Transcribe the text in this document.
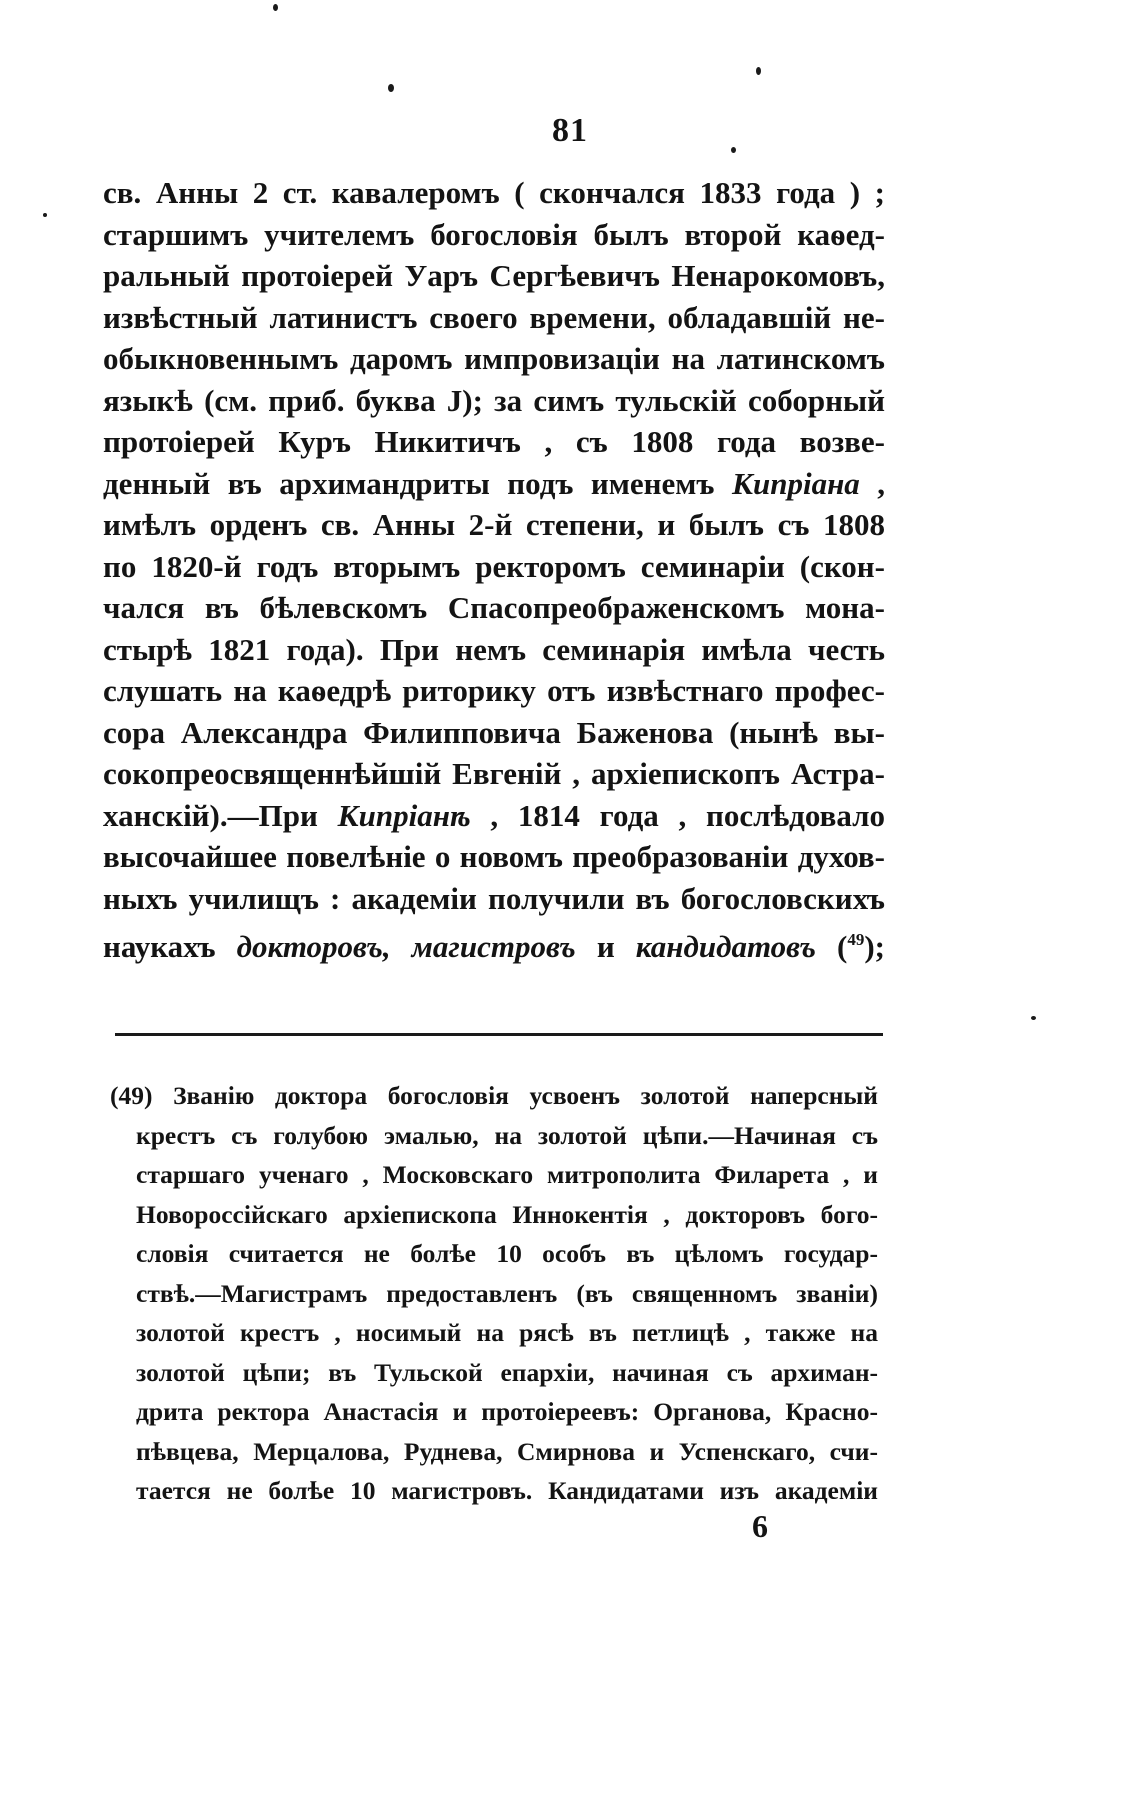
81
св. Анны 2 ст. кавалеромъ ( скончался 1833 года ) ;
старшимъ учителемъ богословія былъ второй каѳед-
ральный протоіерей Уаръ Сергѣевичъ Ненарокомовъ,
извѣстный латинистъ своего времени, обладавшій не-
обыкновеннымъ даромъ импровизаціи на латинскомъ
языкѣ (см. приб. буква J); за симъ тульскій соборный
протоіерей Куръ Никитичъ , съ 1808 года возве-
денный въ архимандриты подъ именемъ Кипріана ,
имѣлъ орденъ св. Анны 2-й степени, и былъ съ 1808
по 1820-й годъ вторымъ ректоромъ семинаріи (скон-
чался въ бѣлевскомъ Спасопреображенскомъ мона-
стырѣ 1821 года). При немъ семинарія имѣла честь
слушать на каѳедрѣ риторику отъ извѣстнаго профес-
сора Александра Филипповича Баженова (нынѣ вы-
сокопреосвященнѣйшій Евгеній , архіепископъ Астра-
ханскій).—При Кипріанѣ , 1814 года , послѣдовало
высочайшее повелѣніе о новомъ преобразованіи духов-
ныхъ училищъ : академіи получили въ богословскихъ
наукахъ докторовъ, магистровъ и кандидатовъ ($^{49}$);
(49) Званію доктора богословія усвоенъ золотой наперсный
крестъ съ голубою эмалью, на золотой цѣпи.—Начиная съ
старшаго ученаго , Московскаго митрополита Филарета , и
Новороссійскаго архіепископа Иннокентія , докторовъ бого-
словія считается не болѣе 10 особъ въ цѣломъ государ-
ствѣ.—Магистрамъ предоставленъ (въ священномъ званіи)
золотой крестъ , носимый на рясѣ въ петлицѣ , также на
золотой цѣпи; въ Тульской епархіи, начиная съ архиман-
дрита ректора Анастасія и протоіереевъ: Органова, Красно-
пѣвцева, Мерцалова, Руднева, Смирнова и Успенскаго, счи-
тается не болѣе 10 магистровъ. Кандидатами изъ академіи
6
